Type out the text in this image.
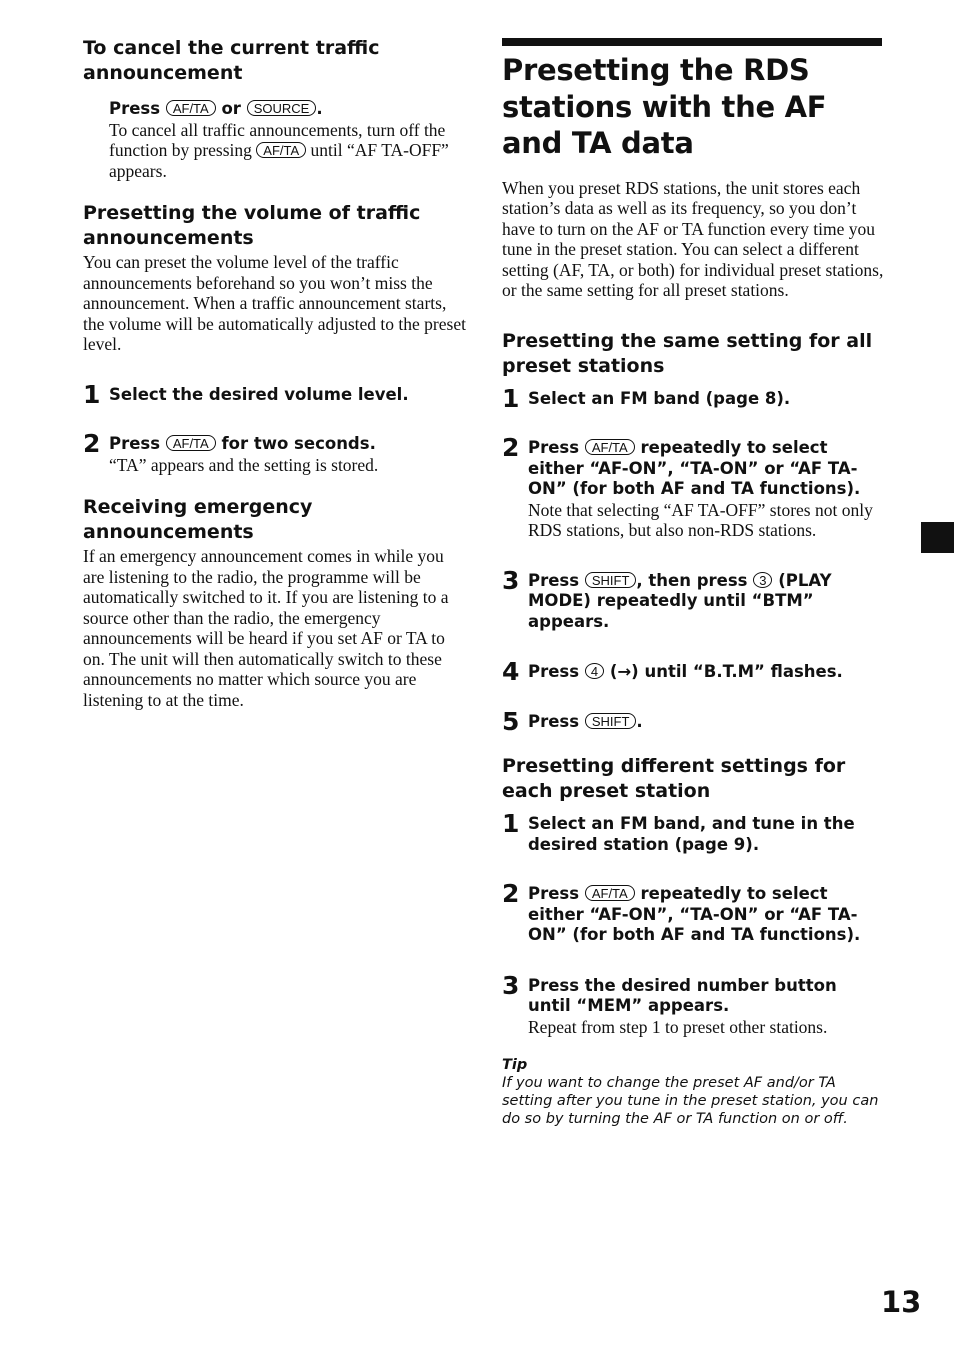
To cancel the current traffic announcement

Press AF/TA or SOURCE .

To cancel all traffic announcements, turn off the function by pressing AF/TA until “AF TA-OFF” appears.

Presetting the volume of traffic announcements

You can preset the volume level of the traffic announcements beforehand so you won’t miss the announcement. When a traffic announcement starts, the volume will be automatically adjusted to the preset level.

1 Select the desired volume level.

2 Press AF/TA for two seconds.

“TA” appears and the setting is stored.

Receiving emergency announcements

If an emergency announcement comes in while you are listening to the radio, the programme will be automatically switched to it. If you are listening to a source other than the radio, the emergency announcements will be heard if you set AF or TA to on. The unit will then automatically switch to these announcements no matter which source you are listening to at the time.

Presetting the RDS stations with the AF and TA data

When you preset RDS stations, the unit stores each station’s data as well as its frequency, so you don’t have to turn on the AF or TA function every time you tune in the preset station. You can select a different setting (AF, TA, or both) for individual preset stations, or the same setting for all preset stations.

Presetting the same setting for all preset stations
1 Select an FM band (page 8).

2 Press AF/TA repeatedly to select either “AF-ON”, “TA-ON” or “AF TA-ON” (for both AF and TA functions).

Note that selecting “AF TA-OFF” stores not only RDS stations, but also non-RDS stations.

3 Press SHIFT , then press 3 (PLAY MODE) repeatedly until “BTM” appears.

4 Press 4 (→) until “B.T.M” flashes.

5 Press SHIFT .

Presetting different settings for each preset station
1 Select an FM band, and tune in the desired station (page 9).

2 Press AF/TA repeatedly to select either “AF-ON”, “TA-ON” or “AF TA-ON” (for both AF and TA functions).

3 Press the desired number button until “MEM” appears.

Repeat from step 1 to preset other stations.

Tip

If you want to change the preset AF and/or TA setting after you tune in the preset station, you can do so by turning the AF or TA function on or off.

13
